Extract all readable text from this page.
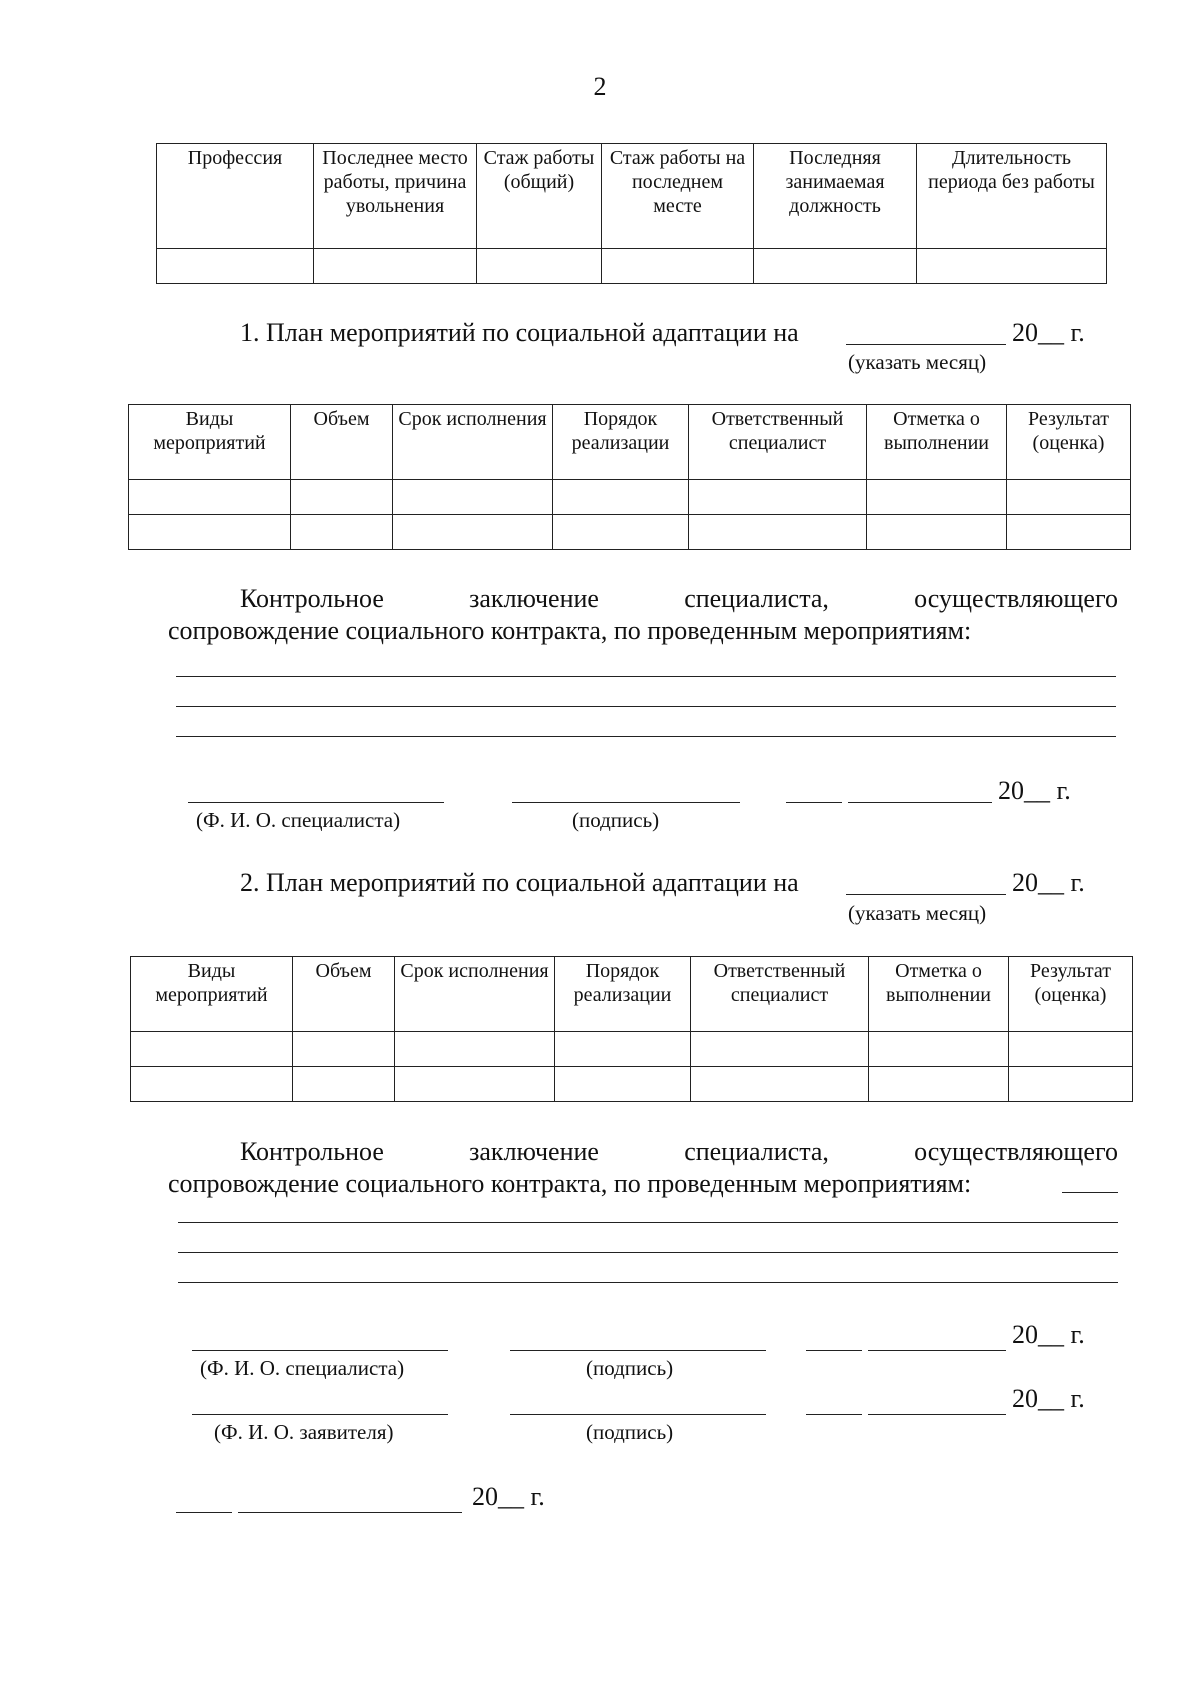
2
Профессия	Последнее место работы, причина увольнения	Стаж работы (общий)	Стаж работы на последнем месте	Последняя занимаемая должность	Длительность периода без работы

1. План мероприятий по социальной адаптации на	20__ г.
(указать месяц)
Виды мероприятий	Объем	Срок исполнения	Порядок реализации	Ответственный специалист	Отметка о выполнении	Результат (оценка)

Контрольное	заключение	специалиста,	осуществляющего
сопровождение социального контракта, по проведенным мероприятиям:
20__ г.
(Ф. И. О. специалиста)	(подпись)
2. План мероприятий по социальной адаптации на	20__ г.
(указать месяц)
Виды мероприятий	Объем	Срок исполнения	Порядок реализации	Ответственный специалист	Отметка о выполнении	Результат (оценка)

Контрольное	заключение	специалиста,	осуществляющего
сопровождение социального контракта, по проведенным мероприятиям:
20__ г.
(Ф. И. О. специалиста)	(подпись)
20__ г.
(Ф. И. О. заявителя)	(подпись)
20__ г.
